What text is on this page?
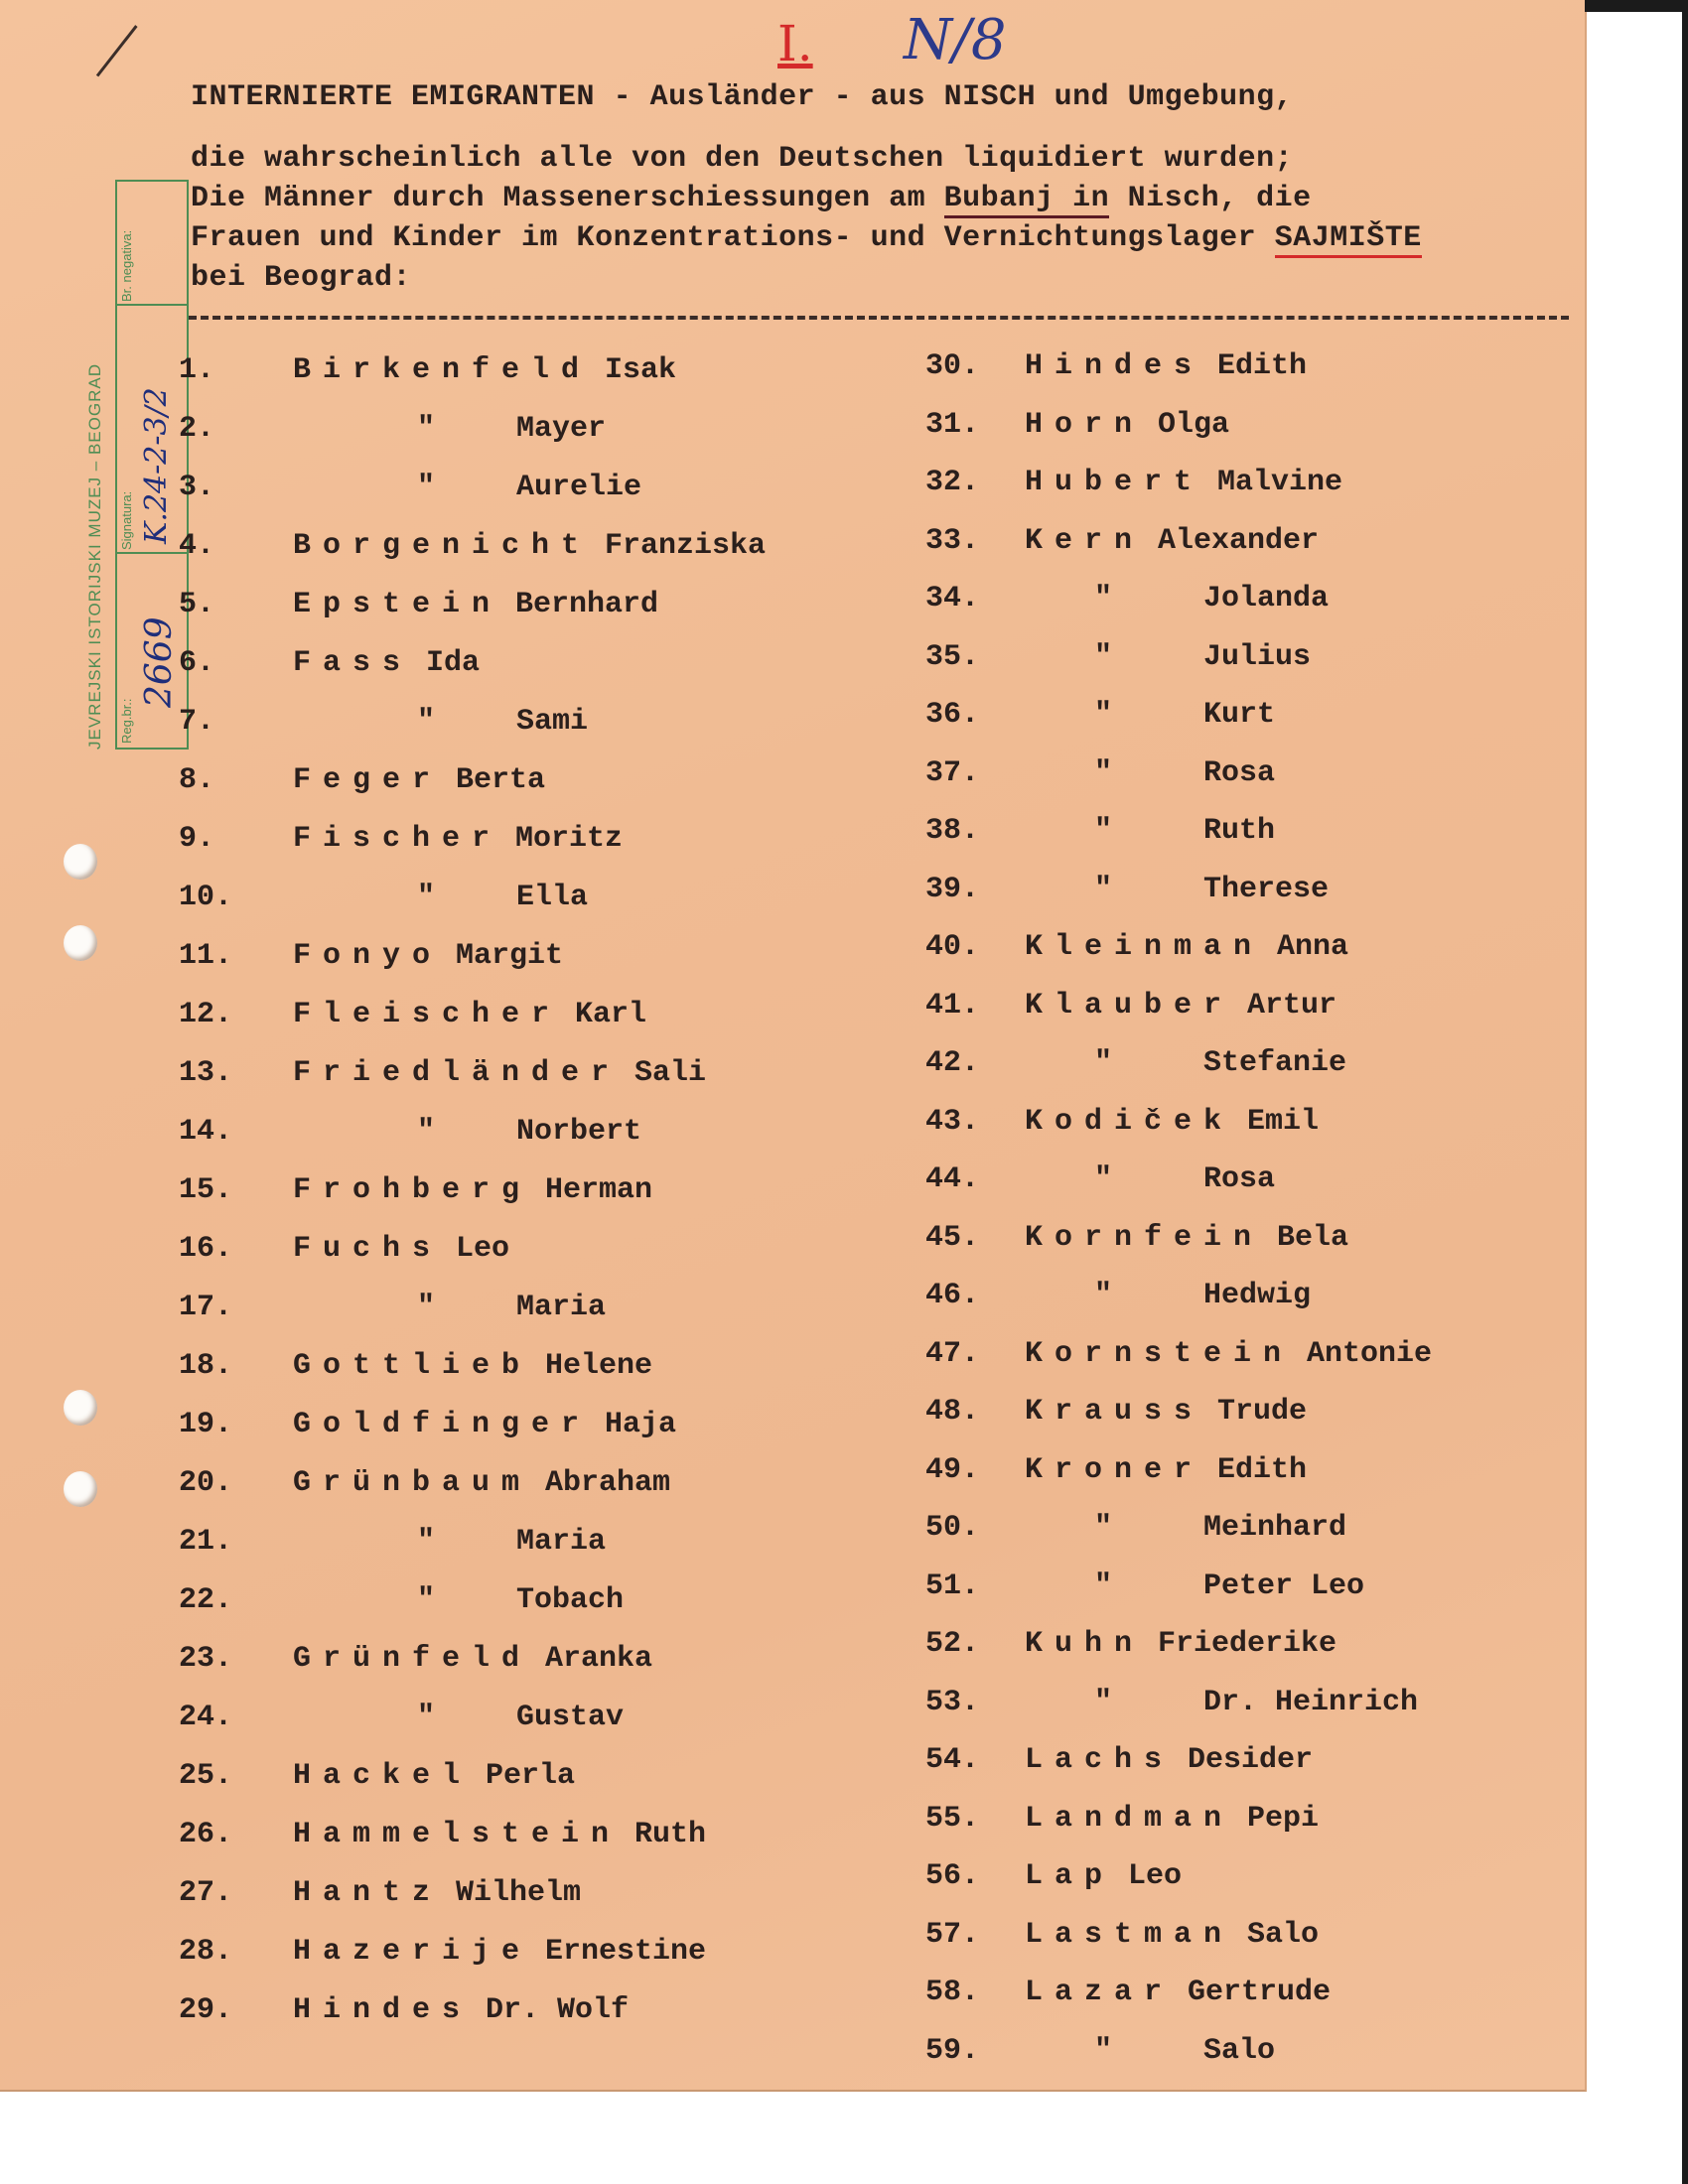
I. N/8
JEVREJSKI ISTORIJSKI MUZEJ – BEOGRAD Reg.br.:
2669
Signatura: K.24-2-3/2
Br. negativa:
INTERNIERTE EMIGRANTEN - Ausländer - aus NISCH und Umgebung,
die wahrscheinlich alle von den Deutschen liquidiert wurden;
Die Männer durch Massenerschiessungen am Bubanj in Nisch, die
Frauen und Kinder im Konzentrations- und Vernichtungslager SAJMIŠTE
bei Beograd:
1.	Birkenfeld Isak
2.	" Mayer
3.	" Aurelie
4.	Borgenicht Franziska
5.	Epstein Bernhard
6.	Fass Ida
7.	" Sami
8.	Feger Berta
9.	Fischer Moritz
10.	" Ella
11. Fonyo Margit
12. Fleischer Karl
13. Friedländer Sali
14.	" Norbert
15. Frohberg Herman
16. Fuchs Leo
17.	" Maria
18. Gottlieb Helene
19. Goldfinger Haja
20. Grünbaum Abraham
21.	" Maria
22.	" Tobach
23. Grünfeld Aranka
24.	" Gustav
25. Hackel Perla
26. Hammelstein Ruth
27. Hantz Wilhelm
28. Hazerije Ernestine
29. Hindes Dr. Wolf
30. Hindes Edith
31. Horn Olga
32. Hubert Malvine
33. Kern Alexander
34.	"	Jolanda
35.	"	Julius
36.	"	Kurt
37.	"	Rosa
38.	"	Ruth
39.	"	Therese
40. Kleinman Anna
41. Klauber Artur
42.	"	Stefanie
43. Kodiček Emil
44.	"	Rosa
45. Kornfein Bela
46.	"	Hedwig
47. Kornstein Antonie
48. Krauss Trude
49. Kroner Edith
50.	"	Meinhard
51.	"	Peter Leo
52. Kuhn Friederike
53.	"	Dr. Heinrich
54. Lachs Desider
55. Landman Pepi
56. Lap Leo
57. Lastman Salo
58. Lazar Gertrude
59.	"	Salo
